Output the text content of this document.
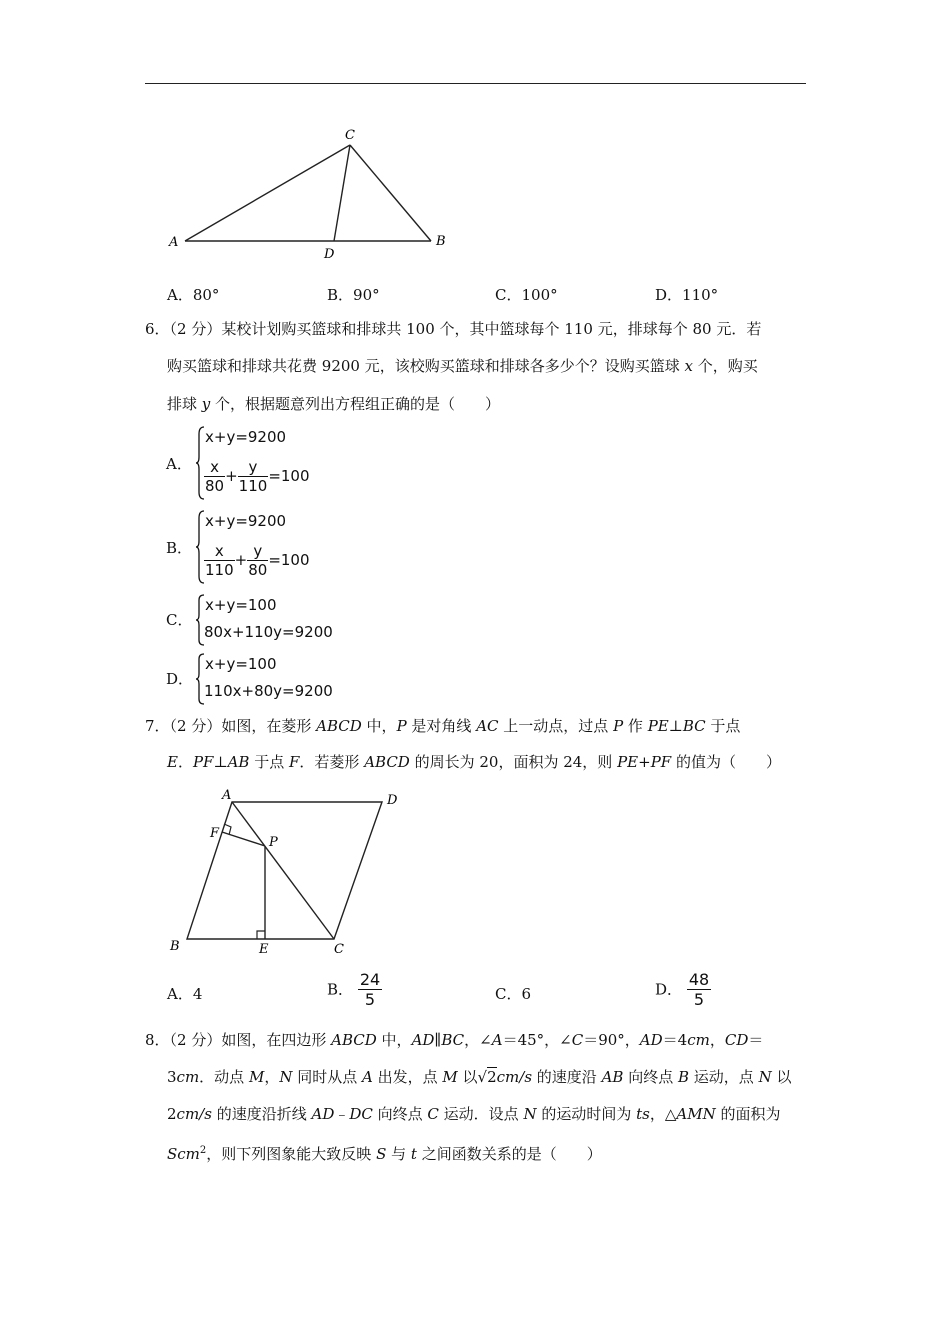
C
A	B
D
A．80°	B．90°	C．100°	D．110°
6．（2 分）某校计划购买篮球和排球共 100 个，其中篮球每个 110 元，排球每个 80 元．若
购买篮球和排球共花费 9200 元，该校购买篮球和排球各多少个？设购买篮球 x 个，购买
排球 y 个，根据题意列出方程组正确的是（　　）
A．
x+y=9200
$\frac{x}{80} + \frac{y}{110} =100$
B．
x+y=9200
$\frac{x}{110} + \frac{y}{80} =100$
C．
x+y=100
80x+110y=9200
D．
x+y=100
110x+80y=9200
7．（2 分）如图，在菱形 ABCD 中，P 是对角线 AC 上一动点，过点 P 作 PE⊥BC 于点
E．PF⊥AB 于点 F．若菱形 ABCD 的周长为 20，面积为 24，则 PE+PF 的值为（　　）
A	D
F
P
B	E	C
A．4	B． $\frac{24}{5}$	C．6	D． $\frac{48}{5}$
8．（2 分）如图，在四边形 ABCD 中，AD∥BC，∠A＝45°，∠C＝90°，AD＝4cm，CD＝
3cm．动点 M，N 同时从点 A 出发，点 M 以√2cm/s 的速度沿 AB 向终点 B 运动，点 N 以
2cm/s 的速度沿折线 AD﹣DC 向终点 C 运动．设点 N 的运动时间为 ts，△AMN 的面积为
Scm$^2$，则下列图象能大致反映 S 与 t 之间函数关系的是（　　）
